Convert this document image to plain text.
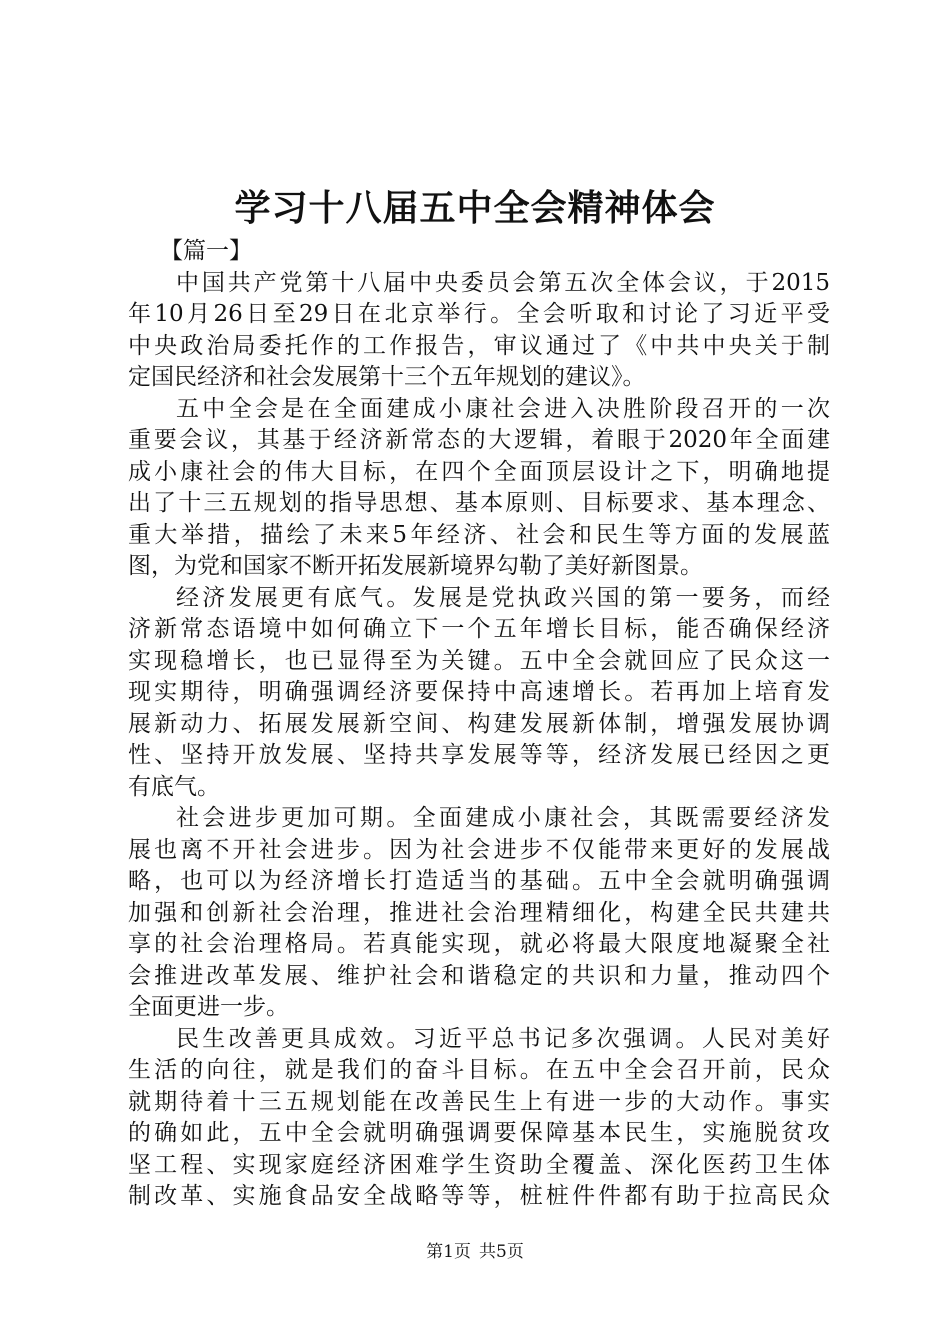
学习十八届五中全会精神体会
【篇一】
中国共产党第十八届中央委员会第五次全体会议，于2015
年10月26日至29日在北京举行。全会听取和讨论了习近平受
中央政治局委托作的工作报告，审议通过了《中共中央关于制
定国民经济和社会发展第十三个五年规划的建议》。
五中全会是在全面建成小康社会进入决胜阶段召开的一次
重要会议，其基于经济新常态的大逻辑，着眼于2020年全面建
成小康社会的伟大目标，在四个全面顶层设计之下，明确地提
出了十三五规划的指导思想、基本原则、目标要求、基本理念、
重大举措，描绘了未来5年经济、社会和民生等方面的发展蓝
图，为党和国家不断开拓发展新境界勾勒了美好新图景。
经济发展更有底气。发展是党执政兴国的第一要务，而经
济新常态语境中如何确立下一个五年增长目标，能否确保经济
实现稳增长，也已显得至为关键。五中全会就回应了民众这一
现实期待，明确强调经济要保持中高速增长。若再加上培育发
展新动力、拓展发展新空间、构建发展新体制，增强发展协调
性、坚持开放发展、坚持共享发展等等，经济发展已经因之更
有底气。
社会进步更加可期。全面建成小康社会，其既需要经济发
展也离不开社会进步。因为社会进步不仅能带来更好的发展战
略，也可以为经济增长打造适当的基础。五中全会就明确强调
加强和创新社会治理，推进社会治理精细化，构建全民共建共
享的社会治理格局。若真能实现，就必将最大限度地凝聚全社
会推进改革发展、维护社会和谐稳定的共识和力量，推动四个
全面更进一步。
民生改善更具成效。习近平总书记多次强调。人民对美好
生活的向往，就是我们的奋斗目标。在五中全会召开前，民众
就期待着十三五规划能在改善民生上有进一步的大动作。事实
的确如此，五中全会就明确强调要保障基本民生，实施脱贫攻
坚工程、实现家庭经济困难学生资助全覆盖、深化医药卫生体
制改革、实施食品安全战略等等，桩桩件件都有助于拉高民众
第1页 共5页
